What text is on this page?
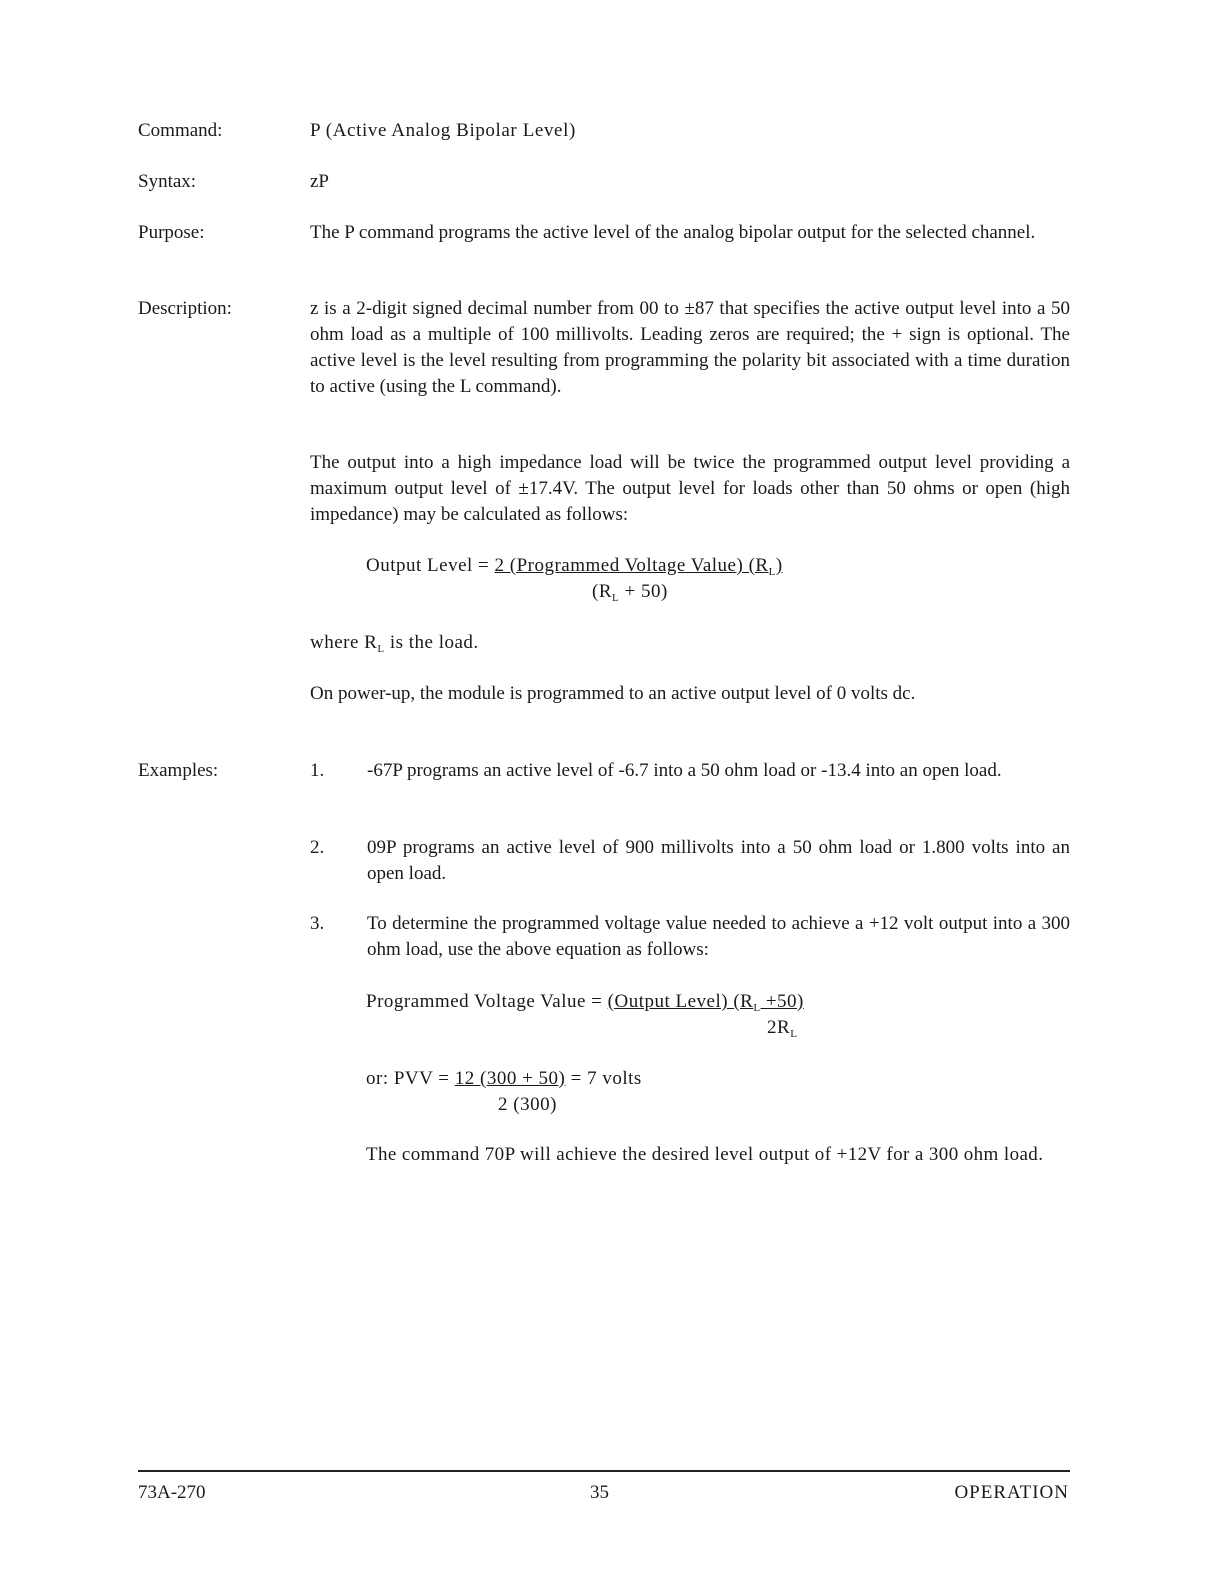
Command:	P (Active Analog Bipolar Level)
Syntax:	zP
Purpose:	The P command programs the active level of the analog bipolar output for the selected channel.

Description:	z is a 2-digit signed decimal number from 00 to ±87 that specifies the active output level into a 50 ohm load as a multiple of 100 millivolts. Leading zeros are required; the + sign is optional. The active level is the level resulting from programming the polarity bit associated with a time duration to active (using the L command).

The output into a high impedance load will be twice the programmed output level providing a maximum output level of ±17.4V. The output level for loads other than 50 ohms or open (high impedance) may be calculated as follows:

Output Level = 2 (Programmed Voltage Value) $(R_L)$
$(R_L + 50)$

where $R_L$ is the load.

On power-up, the module is programmed to an active output level of 0 volts dc.

Examples:	1.	-67P programs an active level of -6.7 into a 50 ohm load or -13.4 into an open load.

2.	09P programs an active level of 900 millivolts into a 50 ohm load or 1.800 volts into an open load.

3.	To determine the programmed voltage value needed to achieve a +12 volt output into a 300 ohm load, use the above equation as follows:

Programmed Voltage Value = (Output Level) $(R_L +50)$
$2R_L$
or: PVV = 12 (300 + 50) = 7 volts
2 (300)

The command 70P will achieve the desired level output of +12V for a 300 ohm load.

73A-270	35	OPERATION
